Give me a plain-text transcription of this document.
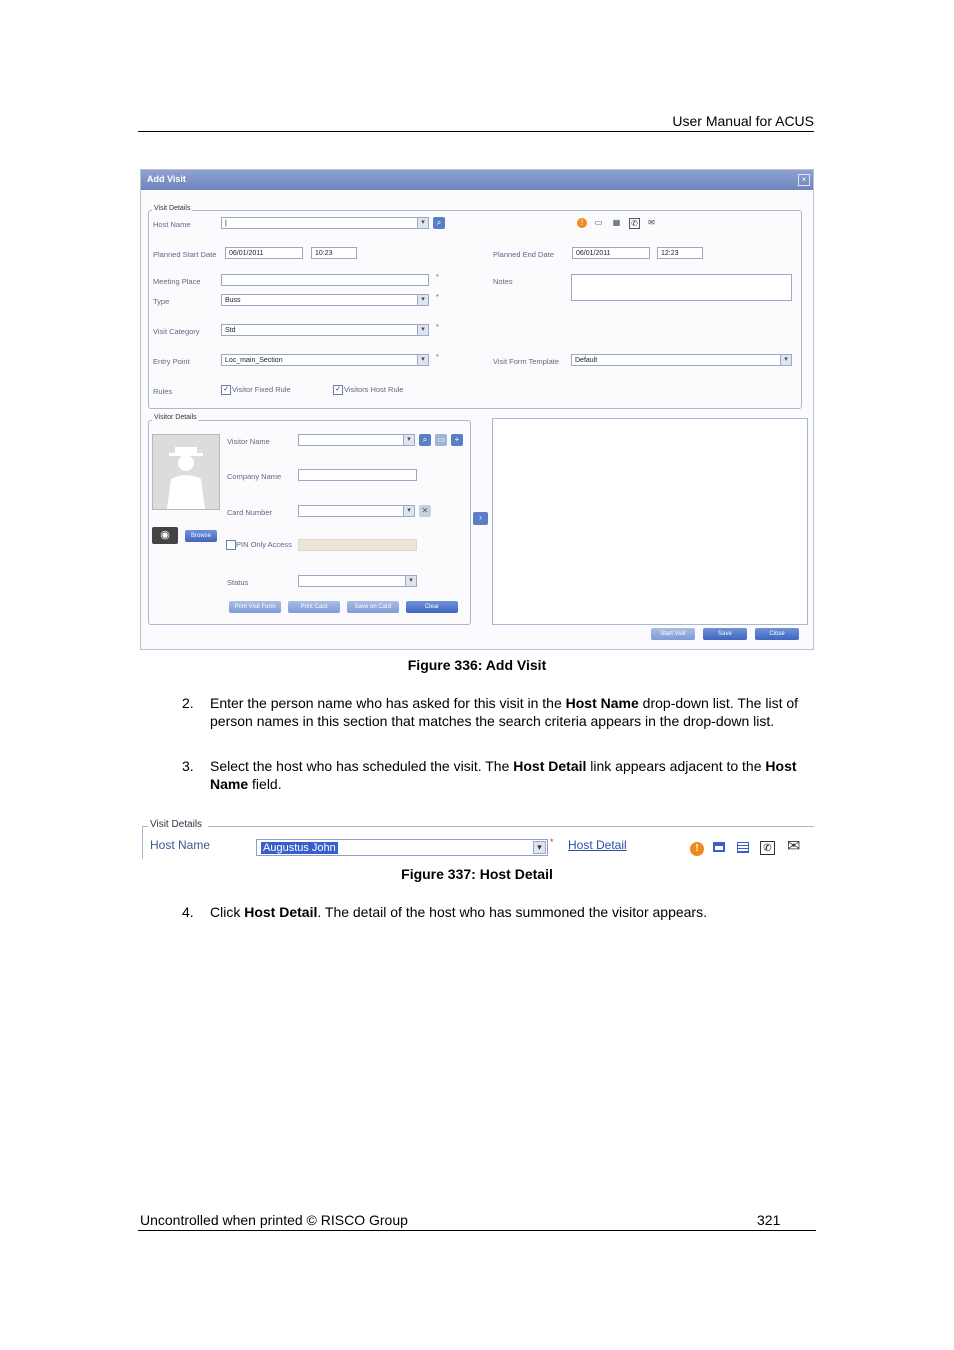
User Manual for ACUS
Add Visit	×
Visit Details
Host Name	|	▾	⌕	!	▭ ▦ ✆ ✉
Planned Start Date	06/01/2011	10:23	Planned End Date	06/01/2011	12:23
Meeting Place	*	Notes
Type	Buss	▾	*
Visit Category	Std	▾	*
Entry Point	Loc_main_Section	▾	*	Visit Form Template	Default	▾
Rules	✓ Visitor Fixed Rule	✓ Visitors Host Rule
Visitor Details
◉	Browse
Visitor Name	▾	⌕	▭	+
Company Name
Card Number	▾	✕
PIN Only Access
Status	▾
Print Visit Form	Print Card	Save on Card	Clear
›
Start Visit	Save	Close
Figure 336: Add Visit
2. Enter the person name who has asked for this visit in the Host Name drop-down list. The list of person names in this section that matches the search criteria appears in the drop-down list.
3. Select the host who has scheduled the visit. The Host Detail link appears adjacent to the Host Name field.
Visit Details
Host Name	Augustus John	▾ * Host Detail	!	✆ ✉
Figure 337: Host Detail
4. Click Host Detail. The detail of the host who has summoned the visitor appears.
Uncontrolled when printed © RISCO Group	321
